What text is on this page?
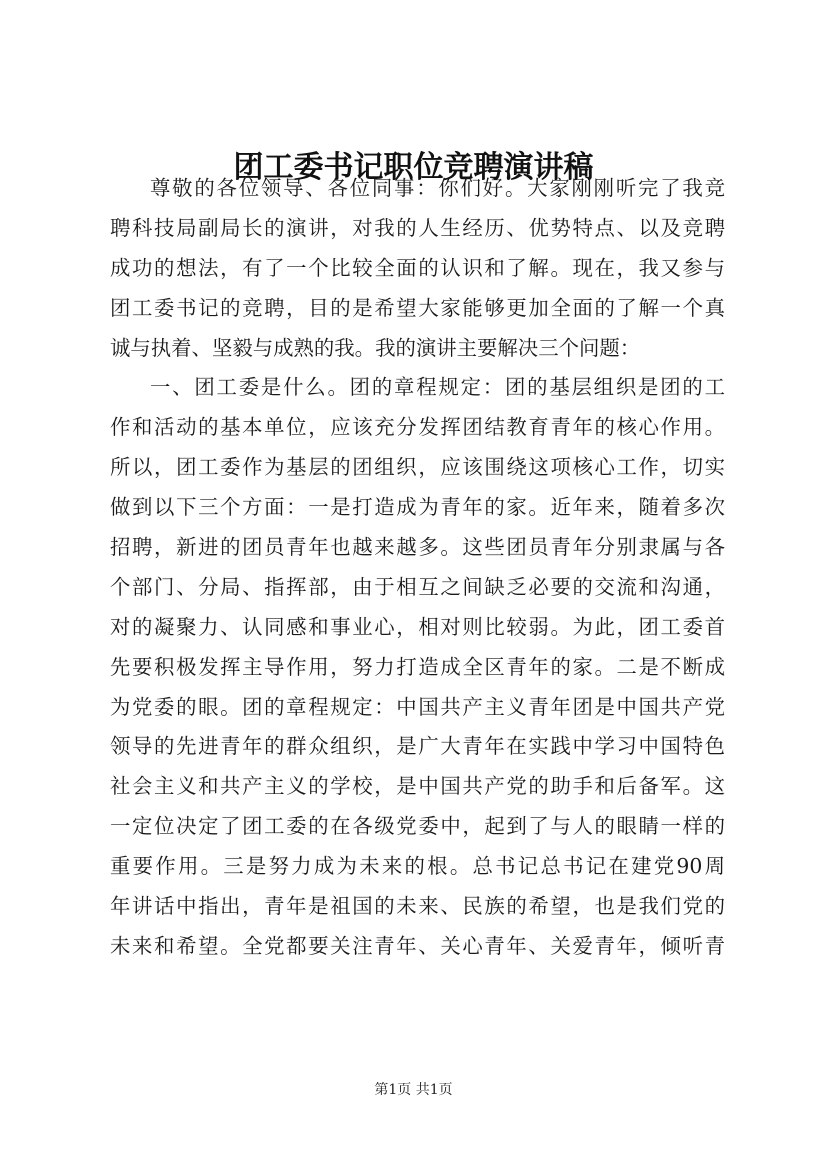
团工委书记职位竞聘演讲稿
尊敬的各位领导、各位同事：你们好。大家刚刚听完了我竞
聘科技局副局长的演讲，对我的人生经历、优势特点、以及竞聘
成功的想法，有了一个比较全面的认识和了解。现在，我又参与
团工委书记的竞聘，目的是希望大家能够更加全面的了解一个真
诚与执着、坚毅与成熟的我。我的演讲主要解决三个问题：
一、团工委是什么。团的章程规定：团的基层组织是团的工
作和活动的基本单位，应该充分发挥团结教育青年的核心作用。
所以，团工委作为基层的团组织，应该围绕这项核心工作，切实
做到以下三个方面：一是打造成为青年的家。近年来，随着多次
招聘，新进的团员青年也越来越多。这些团员青年分别隶属与各
个部门、分局、指挥部，由于相互之间缺乏必要的交流和沟通，
对的凝聚力、认同感和事业心，相对则比较弱。为此，团工委首
先要积极发挥主导作用，努力打造成全区青年的家。二是不断成
为党委的眼。团的章程规定：中国共产主义青年团是中国共产党
领导的先进青年的群众组织，是广大青年在实践中学习中国特色
社会主义和共产主义的学校，是中国共产党的助手和后备军。这
一定位决定了团工委的在各级党委中，起到了与人的眼睛一样的
重要作用。三是努力成为未来的根。总书记总书记在建党90周
年讲话中指出，青年是祖国的未来、民族的希望，也是我们党的
未来和希望。全党都要关注青年、关心青年、关爱青年，倾听青
第1页 共1页
